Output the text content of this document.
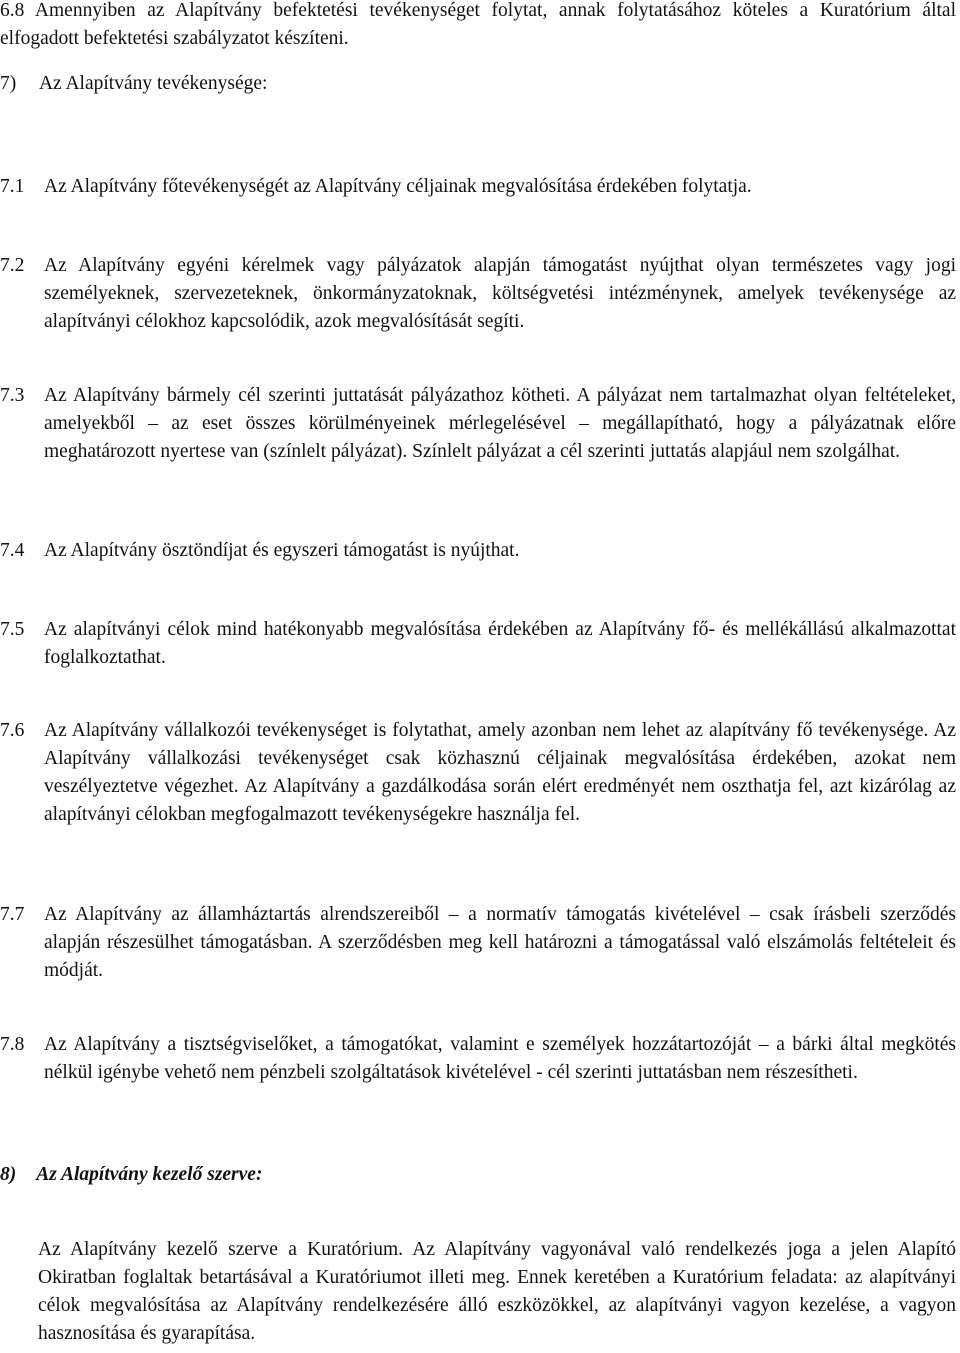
6.8 Amennyiben az Alapítvány befektetési tevékenységet folytat, annak folytatásához köteles a Kuratórium által elfogadott befektetési szabályzatot készíteni.
7) Az Alapítvány tevékenysége:
7.1	Az Alapítvány főtevékenységét az Alapítvány céljainak megvalósítása érdekében folytatja.
7.2	Az Alapítvány egyéni kérelmek vagy pályázatok alapján támogatást nyújthat olyan természetes vagy jogi személyeknek, szervezeteknek, önkormányzatoknak, költségvetési intézménynek, amelyek tevékenysége az alapítványi célokhoz kapcsolódik, azok megvalósítását segíti.
7.3	Az Alapítvány bármely cél szerinti juttatását pályázathoz kötheti. A pályázat nem tartalmazhat olyan feltételeket, amelyekből – az eset összes körülményeinek mérlegelésével – megállapítható, hogy a pályázatnak előre meghatározott nyertese van (színlelt pályázat). Színlelt pályázat a cél szerinti juttatás alapjául nem szolgálhat.
7.4	Az Alapítvány ösztöndíjat és egyszeri támogatást is nyújthat.
7.5	Az alapítványi célok mind hatékonyabb megvalósítása érdekében az Alapítvány fő- és mellékállású alkalmazottat foglalkoztathat.
7.6	Az Alapítvány vállalkozói tevékenységet is folytathat, amely azonban nem lehet az alapítvány fő tevékenysége. Az Alapítvány vállalkozási tevékenységet csak közhasznú céljainak megvalósítása érdekében, azokat nem veszélyeztetve végezhet. Az Alapítvány a gazdálkodása során elért eredményét nem oszthatja fel, azt kizárólag az alapítványi célokban megfogalmazott tevékenységekre használja fel.
7.7	Az Alapítvány az államháztartás alrendszereiből – a normatív támogatás kivételével – csak írásbeli szerződés alapján részesülhet támogatásban. A szerződésben meg kell határozni a támogatással való elszámolás feltételeit és módját.
7.8	Az Alapítvány a tisztségviselőket, a támogatókat, valamint e személyek hozzátartozóját – a bárki által megkötés nélkül igénybe vehető nem pénzbeli szolgáltatások kivételével - cél szerinti juttatásban nem részesítheti.
8) Az Alapítvány kezelő szerve:
Az Alapítvány kezelő szerve a Kuratórium. Az Alapítvány vagyonával való rendelkezés joga a jelen Alapító Okiratban foglaltak betartásával a Kuratóriumot illeti meg. Ennek keretében a Kuratórium feladata: az alapítványi célok megvalósítása az Alapítvány rendelkezésére álló eszközökkel, az alapítványi vagyon kezelése, a vagyon hasznosítása és gyarapítása.
